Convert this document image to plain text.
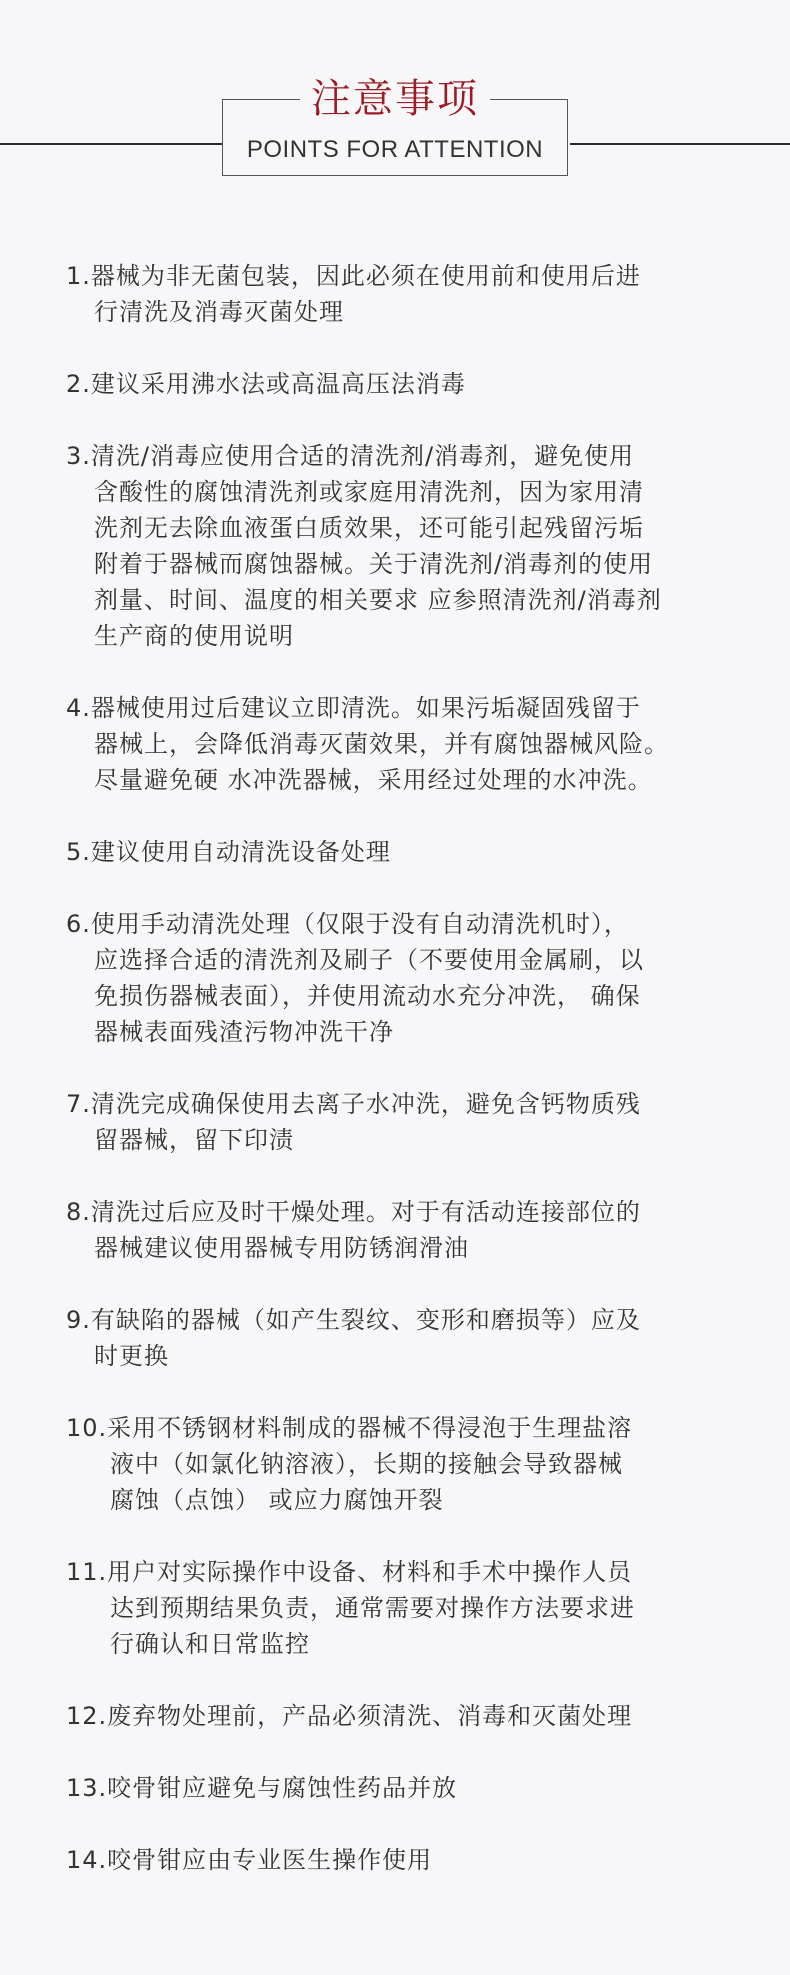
注意事项
POINTS FOR ATTENTION
1.器械为非无菌包装，因此必须在使用前和使用后进
行清洗及消毒灭菌处理
2.建议采用沸水法或高温高压法消毒
3.清洗/消毒应使用合适的清洗剂/消毒剂，避免使用
含酸性的腐蚀清洗剂或家庭用清洗剂，因为家用清
洗剂无去除血液蛋白质效果，还可能引起残留污垢
附着于器械而腐蚀器械。关于清洗剂/消毒剂的使用
剂量、时间、温度的相关要求 应参照清洗剂/消毒剂
生产商的使用说明
4.器械使用过后建议立即清洗。如果污垢凝固残留于
器械上，会降低消毒灭菌效果，并有腐蚀器械风险。
尽量避免硬 水冲洗器械，采用经过处理的水冲洗。
5.建议使用自动清洗设备处理
6.使用手动清洗处理（仅限于没有自动清洗机时），
应选择合适的清洗剂及刷子（不要使用金属刷，以
免损伤器械表面），并使用流动水充分冲洗， 确保
器械表面残渣污物冲洗干净
7.清洗完成确保使用去离子水冲洗，避免含钙物质残
留器械，留下印渍
8.清洗过后应及时干燥处理。对于有活动连接部位的
器械建议使用器械专用防锈润滑油
9.有缺陷的器械（如产生裂纹、变形和磨损等）应及
时更换
10.采用不锈钢材料制成的器械不得浸泡于生理盐溶
液中（如氯化钠溶液），长期的接触会导致器械
腐蚀（点蚀） 或应力腐蚀开裂
11.用户对实际操作中设备、材料和手术中操作人员
达到预期结果负责，通常需要对操作方法要求进
行确认和日常监控
12.废弃物处理前，产品必须清洗、消毒和灭菌处理
13.咬骨钳应避免与腐蚀性药品并放
14.咬骨钳应由专业医生操作使用
